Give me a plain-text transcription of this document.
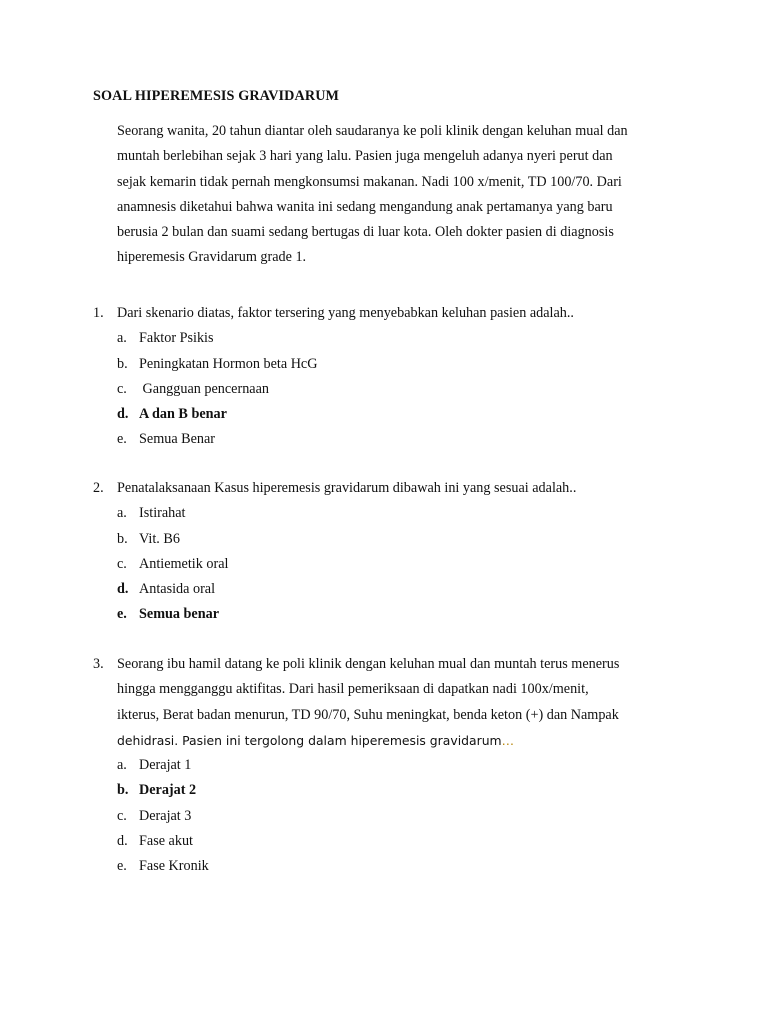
SOAL HIPEREMESIS GRAVIDARUM
Seorang wanita, 20 tahun diantar oleh saudaranya ke poli klinik dengan keluhan mual dan
muntah berlebihan sejak 3 hari yang lalu. Pasien juga mengeluh adanya nyeri perut dan
sejak kemarin tidak pernah mengkonsumsi makanan. Nadi 100 x/menit, TD 100/70. Dari
anamnesis diketahui bahwa wanita ini sedang mengandung anak pertamanya yang baru
berusia 2 bulan dan suami sedang bertugas di luar kota. Oleh dokter pasien di diagnosis
hiperemesis Gravidarum grade 1.
1. Dari skenario diatas, faktor tersering yang menyebabkan keluhan pasien adalah..
a. Faktor Psikis
b. Peningkatan Hormon beta HcG
c. Gangguan pencernaan
d. A dan B benar
e. Semua Benar
2. Penatalaksanaan Kasus hiperemesis gravidarum dibawah ini yang sesuai adalah..
a. Istirahat
b. Vit. B6
c. Antiemetik oral
d. Antasida oral
e. Semua benar
3. Seorang ibu hamil datang ke poli klinik dengan keluhan mual dan muntah terus menerus
hingga mengganggu aktifitas. Dari hasil pemeriksaan di dapatkan nadi 100x/menit,
ikterus, Berat badan menurun, TD 90/70, Suhu meningkat, benda keton (+) dan Nampak
dehidrasi. Pasien ini tergolong dalam hiperemesis gravidarum…
a. Derajat 1
b. Derajat 2
c. Derajat 3
d. Fase akut
e. Fase Kronik
